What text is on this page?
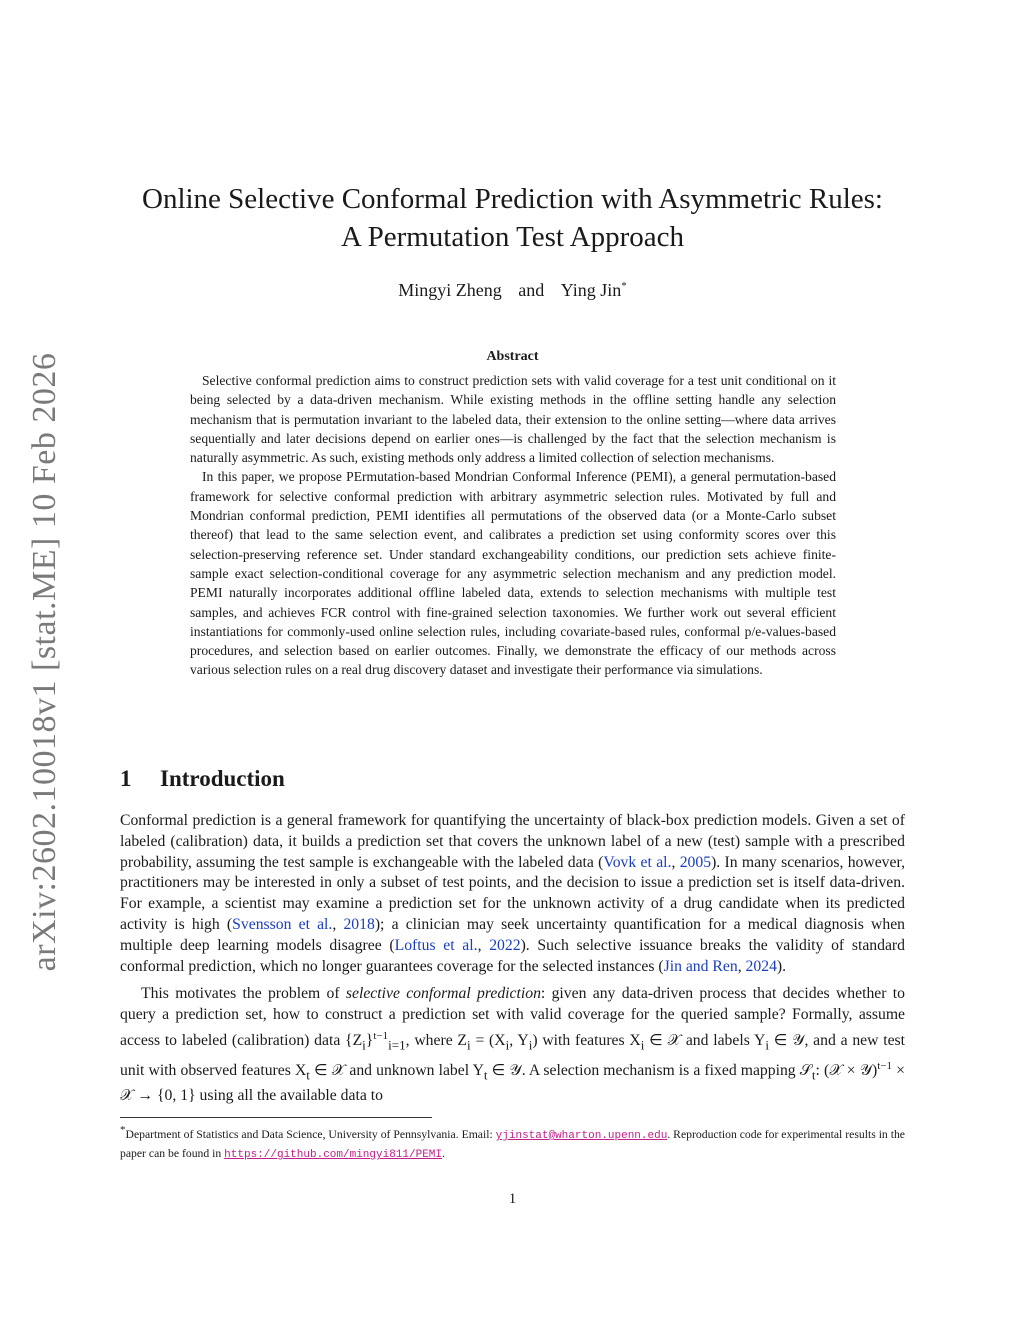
arXiv:2602.10018v1 [stat.ME] 10 Feb 2026
Online Selective Conformal Prediction with Asymmetric Rules:
A Permutation Test Approach
Mingyi Zheng and Ying Jin*
Abstract

Selective conformal prediction aims to construct prediction sets with valid coverage for a test unit conditional on it being selected by a data-driven mechanism. While existing methods in the offline setting handle any selection mechanism that is permutation invariant to the labeled data, their extension to the online setting—where data arrives sequentially and later decisions depend on earlier ones—is challenged by the fact that the selection mechanism is naturally asymmetric. As such, existing methods only address a limited collection of selection mechanisms.

In this paper, we propose PErmutation-based Mondrian Conformal Inference (PEMI), a general permutation-based framework for selective conformal prediction with arbitrary asymmetric selection rules. Motivated by full and Mondrian conformal prediction, PEMI identifies all permutations of the observed data (or a Monte-Carlo subset thereof) that lead to the same selection event, and calibrates a prediction set using conformity scores over this selection-preserving reference set. Under standard exchangeability conditions, our prediction sets achieve finite-sample exact selection-conditional coverage for any asymmetric selection mechanism and any prediction model. PEMI naturally incorporates additional offline labeled data, extends to selection mechanisms with multiple test samples, and achieves FCR control with fine-grained selection taxonomies. We further work out several efficient instantiations for commonly-used online selection rules, including covariate-based rules, conformal p/e-values-based procedures, and selection based on earlier outcomes. Finally, we demonstrate the efficacy of our methods across various selection rules on a real drug discovery dataset and investigate their performance via simulations.

1 Introduction

Conformal prediction is a general framework for quantifying the uncertainty of black-box prediction models. Given a set of labeled (calibration) data, it builds a prediction set that covers the unknown label of a new (test) sample with a prescribed probability, assuming the test sample is exchangeable with the labeled data (Vovk et al., 2005). In many scenarios, however, practitioners may be interested in only a subset of test points, and the decision to issue a prediction set is itself data-driven. For example, a scientist may examine a prediction set for the unknown activity of a drug candidate when its predicted activity is high (Svensson et al., 2018); a clinician may seek uncertainty quantification for a medical diagnosis when multiple deep learning models disagree (Loftus et al., 2022). Such selective issuance breaks the validity of standard conformal prediction, which no longer guarantees coverage for the selected instances (Jin and Ren, 2024).

This motivates the problem of selective conformal prediction: given any data-driven process that decides whether to query a prediction set, how to construct a prediction set with valid coverage for the queried sample? Formally, assume access to labeled (calibration) data $\{Z_i\}^{t-1}_{i=1}$, where $Z_i = (X_i$, $Y_i$) with features $X_i$ ∈ 𝒳 and labels $Y_i$ ∈ 𝒴, and a new test unit with observed features $X_t$ ∈ 𝒳 and unknown label $Y_t$ ∈ 𝒴. A selection mechanism is a fixed mapping 𝒮$_t$: (𝒳 × 𝒴)$^{t-1}$ × 𝒳 → {0, 1} using all the available data to

*Department of Statistics and Data Science, University of Pennsylvania. Email: yjinstat@wharton.upenn.edu. Reproduction code for experimental results in the paper can be found in https://github.com/mingyi811/PEMI.
1
